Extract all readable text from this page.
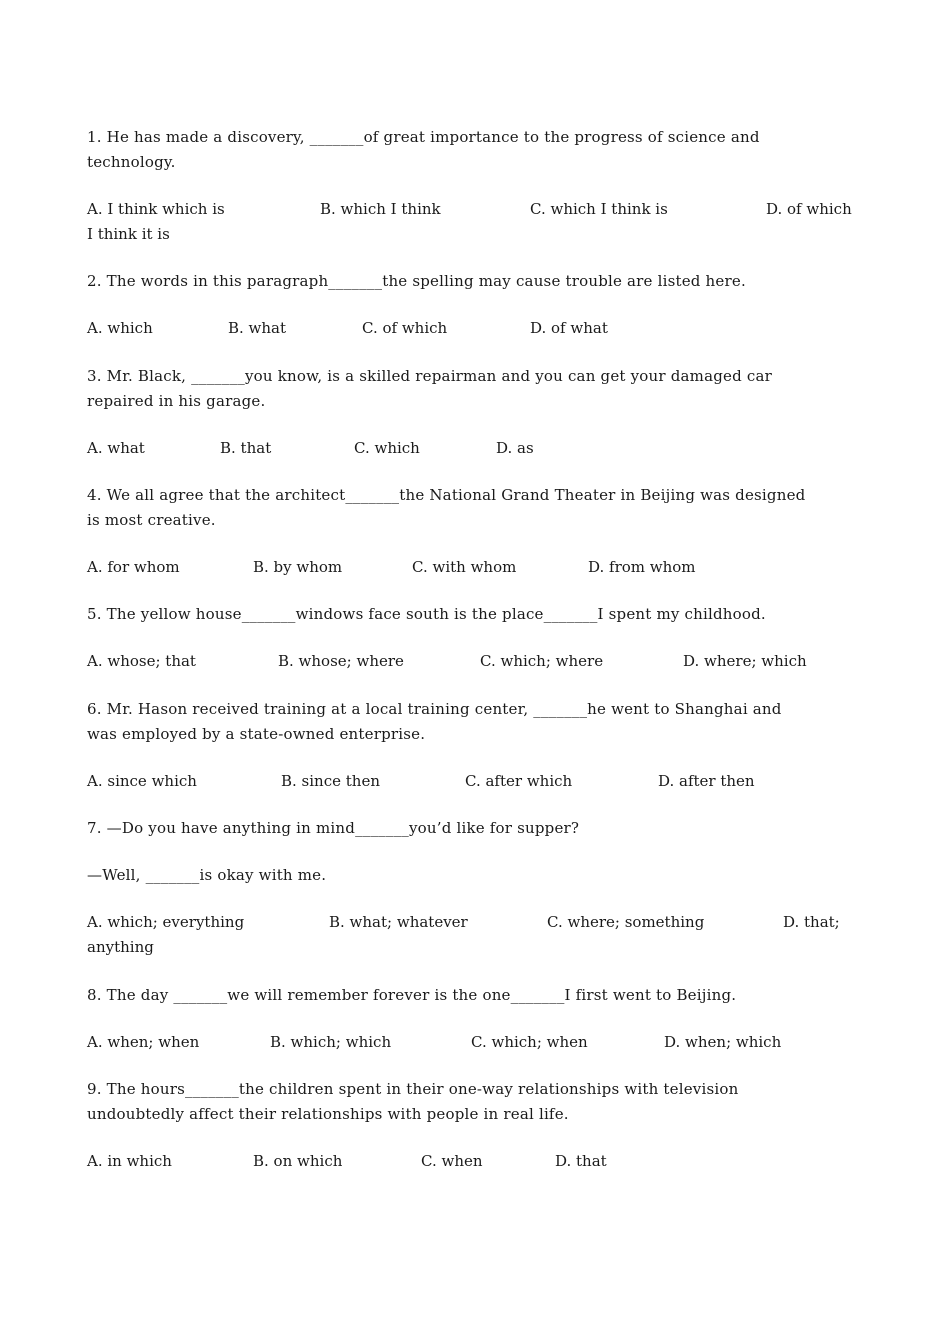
1. He has made a discovery, _______of great importance to the progress of science and
technology.
A. I think which is	B. which I think	C. which I think is	D. of which
I think it is
2. The words in this paragraph_______the spelling may cause trouble are listed here.
A. which	B. what	C. of which	D. of what
3. Mr. Black, _______you know, is a skilled repairman and you can get your damaged car
repaired in his garage.
A. what	B. that	C. which	D. as
4. We all agree that the architect_______the National Grand Theater in Beijing was designed
is most creative.
A. for whom	B. by whom	C. with whom	D. from whom
5. The yellow house_______windows face south is the place_______I spent my childhood.
A. whose; that	B. whose; where	C. which; where	D. where; which
6. Mr. Hason received training at a local training center, _______he went to Shanghai and
was employed by a state-owned enterprise.
A. since which	B. since then	C. after which	D. after then
7. —Do you have anything in mind_______you’d like for supper?
—Well, _______is okay with me.
A. which; everything	B. what; whatever	C. where; something	D. that;
anything
8. The day _______we will remember forever is the one_______I first went to Beijing.
A. when; when	B. which; which	C. which; when	D. when; which
9. The hours_______the children spent in their one-way relationships with television
undoubtedly affect their relationships with people in real life.
A. in which	B. on which	C. when	D. that
